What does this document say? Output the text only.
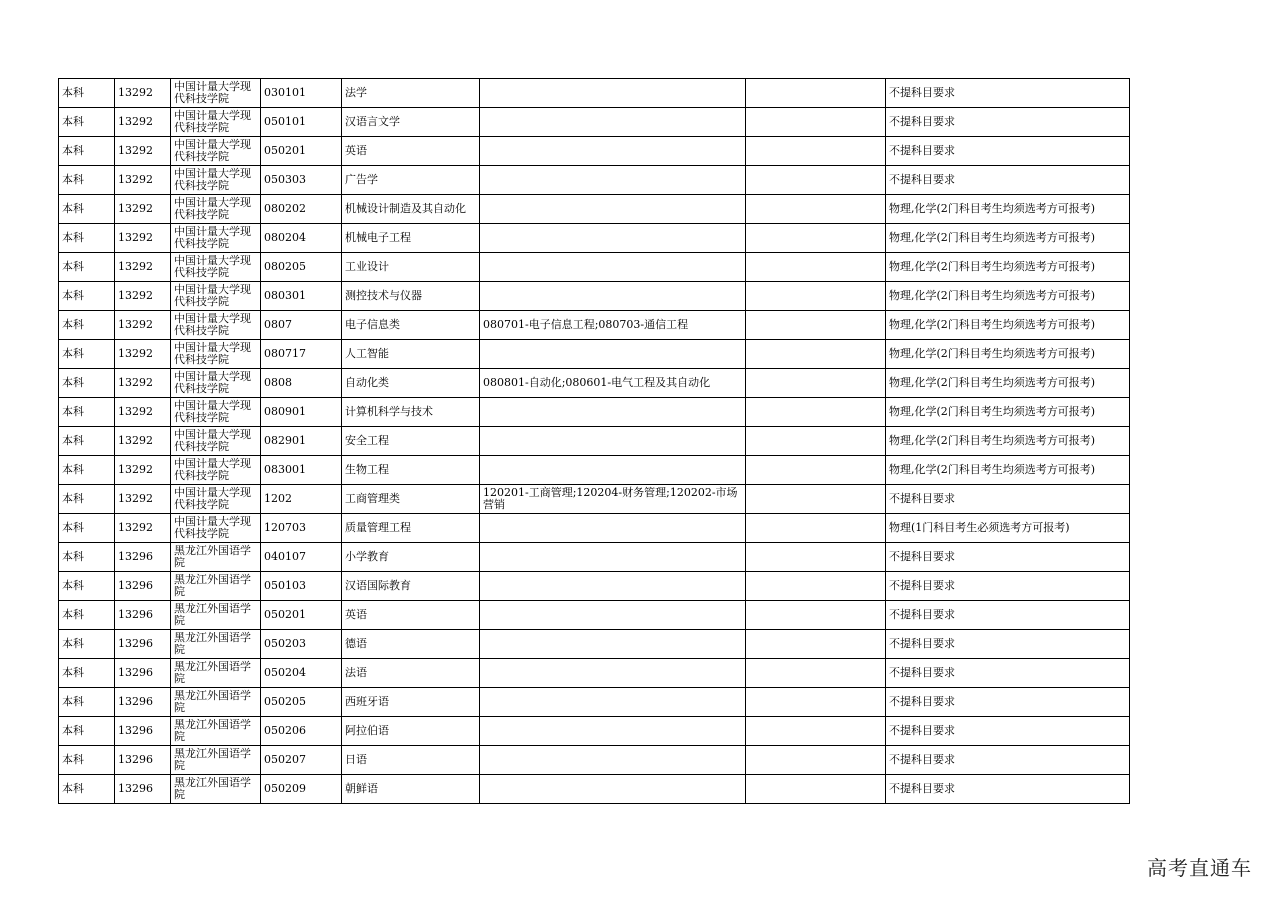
本科	13292	中国计量大学现代科技学院	030101	法学			不提科目要求
本科	13292	中国计量大学现代科技学院	050101	汉语言文学			不提科目要求
本科	13292	中国计量大学现代科技学院	050201	英语			不提科目要求
本科	13292	中国计量大学现代科技学院	050303	广告学			不提科目要求
本科	13292	中国计量大学现代科技学院	080202	机械设计制造及其自动化			物理,化学(2门科目考生均须选考方可报考)
本科	13292	中国计量大学现代科技学院	080204	机械电子工程			物理,化学(2门科目考生均须选考方可报考)
本科	13292	中国计量大学现代科技学院	080205	工业设计			物理,化学(2门科目考生均须选考方可报考)
本科	13292	中国计量大学现代科技学院	080301	测控技术与仪器			物理,化学(2门科目考生均须选考方可报考)
本科	13292	中国计量大学现代科技学院	0807	电子信息类	080701-电子信息工程;080703-通信工程		物理,化学(2门科目考生均须选考方可报考)
本科	13292	中国计量大学现代科技学院	080717	人工智能			物理,化学(2门科目考生均须选考方可报考)
本科	13292	中国计量大学现代科技学院	0808	自动化类	080801-自动化;080601-电气工程及其自动化		物理,化学(2门科目考生均须选考方可报考)
本科	13292	中国计量大学现代科技学院	080901	计算机科学与技术			物理,化学(2门科目考生均须选考方可报考)
本科	13292	中国计量大学现代科技学院	082901	安全工程			物理,化学(2门科目考生均须选考方可报考)
本科	13292	中国计量大学现代科技学院	083001	生物工程			物理,化学(2门科目考生均须选考方可报考)
本科	13292	中国计量大学现代科技学院	1202	工商管理类	120201-工商管理;120204-财务管理;120202-市场营销		不提科目要求
本科	13292	中国计量大学现代科技学院	120703	质量管理工程			物理(1门科目考生必须选考方可报考)
本科	13296	黑龙江外国语学院	040107	小学教育			不提科目要求
本科	13296	黑龙江外国语学院	050103	汉语国际教育			不提科目要求
本科	13296	黑龙江外国语学院	050201	英语			不提科目要求
本科	13296	黑龙江外国语学院	050203	德语			不提科目要求
本科	13296	黑龙江外国语学院	050204	法语			不提科目要求
本科	13296	黑龙江外国语学院	050205	西班牙语			不提科目要求
本科	13296	黑龙江外国语学院	050206	阿拉伯语			不提科目要求
本科	13296	黑龙江外国语学院	050207	日语			不提科目要求
本科	13296	黑龙江外国语学院	050209	朝鲜语			不提科目要求
高考直通车
